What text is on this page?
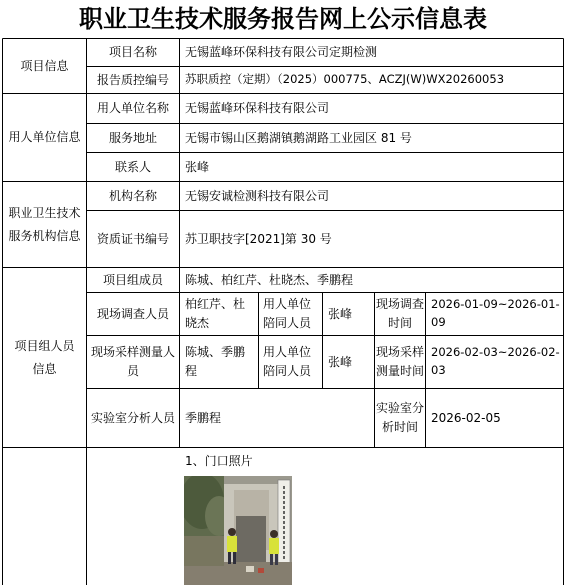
职业卫生技术服务报告网上公示信息表
项目信息
项目名称 无锡蓝峰环保科技有限公司定期检测
报告质控编号 苏职质控（定期）（2025）000775、ACZJ(W)WX20260053
用人单位信息
用人单位名称 无锡蓝峰环保科技有限公司
服务地址 无锡市锡山区鹅湖镇鹅湖路工业园区 81 号
联系人	张峰
职业卫生技术服务机构信息
机构名称 无锡安诚检测科技有限公司
资质证书编号 苏卫职技字[2021]第 30 号
项目组人员信息
项目组成员 陈城、柏红芹、杜晓杰、季鹏程
现场调查人员
柏红芹、杜晓杰
用人单位陪同人员
张峰
现场调查时间
2026-01-09~2026-01-09
现场采样测量人员
陈城、季鹏程
用人单位陪同人员
张峰
现场采样测量时间
2026-02-03~2026-02-03
实验室分析人员 季鹏程
实验室分析时间
2026-02-05
1、门口照片
